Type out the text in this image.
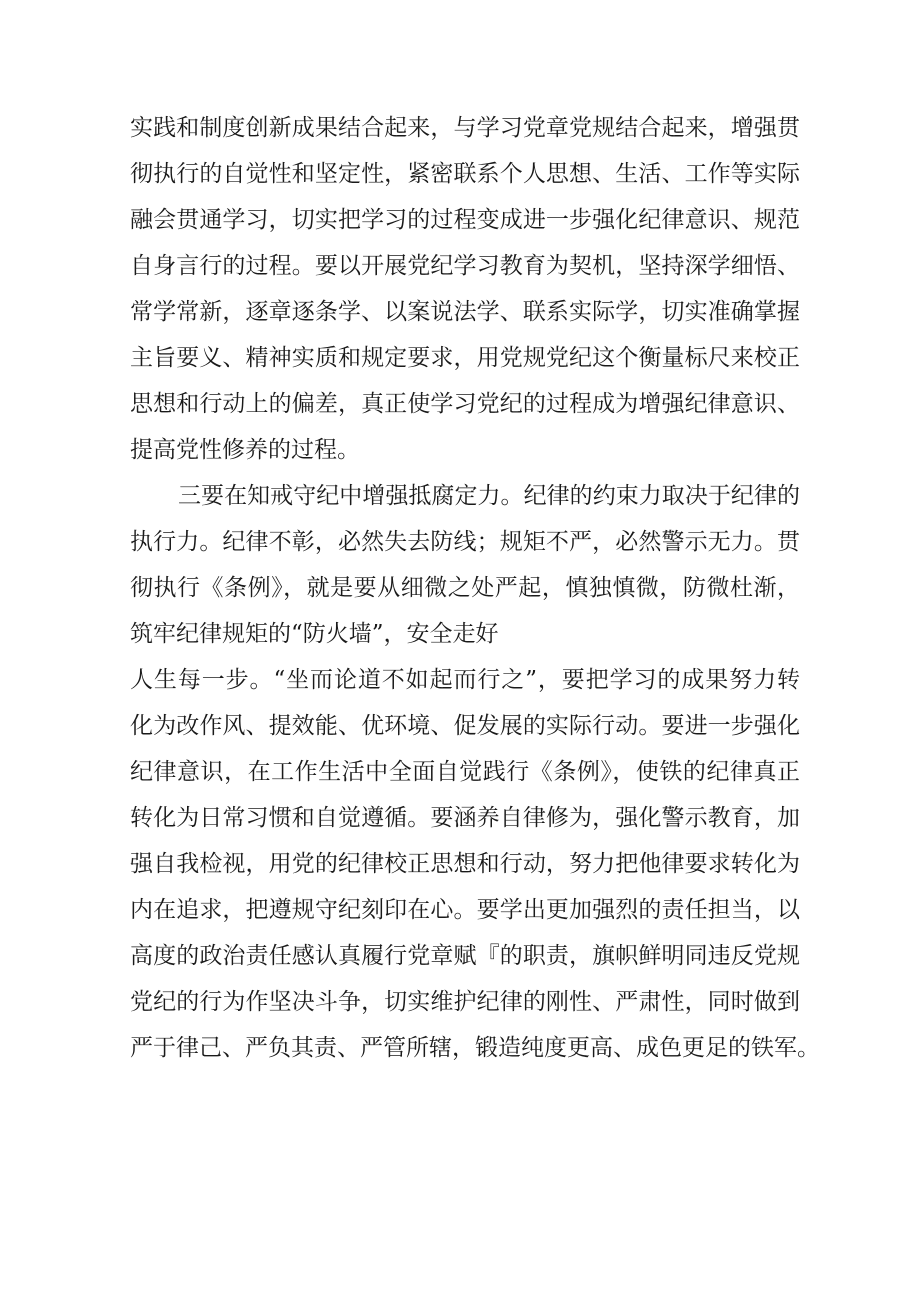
实践和制度创新成果结合起来，与学习党章党规结合起来，增强贯
彻执行的自觉性和坚定性，紧密联系个人思想、生活、工作等实际
融会贯通学习，切实把学习的过程变成进一步强化纪律意识、规范
自身言行的过程。要以开展党纪学习教育为契机，坚持深学细悟、
常学常新，逐章逐条学、以案说法学、联系实际学，切实准确掌握
主旨要义、精神实质和规定要求，用党规党纪这个衡量标尺来校正
思想和行动上的偏差，真正使学习党纪的过程成为增强纪律意识、
提高党性修养的过程。
三要在知戒守纪中增强抵腐定力。纪律的约束力取决于纪律的
执行力。纪律不彰，必然失去防线；规矩不严，必然警示无力。贯
彻执行《条例》，就是要从细微之处严起，慎独慎微，防微杜渐，
筑牢纪律规矩的“防火墙”，安全走好
人生每一步。“坐而论道不如起而行之”，要把学习的成果努力转
化为改作风、提效能、优环境、促发展的实际行动。要进一步强化
纪律意识，在工作生活中全面自觉践行《条例》，使铁的纪律真正
转化为日常习惯和自觉遵循。要涵养自律修为，强化警示教育，加
强自我检视，用党的纪律校正思想和行动，努力把他律要求转化为
内在追求，把遵规守纪刻印在心。要学出更加强烈的责任担当，以
高度的政治责任感认真履行党章赋『的职责，旗帜鲜明同违反党规
党纪的行为作坚决斗争，切实维护纪律的刚性、严肃性，同时做到
严于律己、严负其责、严管所辖，锻造纯度更高、成色更足的铁军。
